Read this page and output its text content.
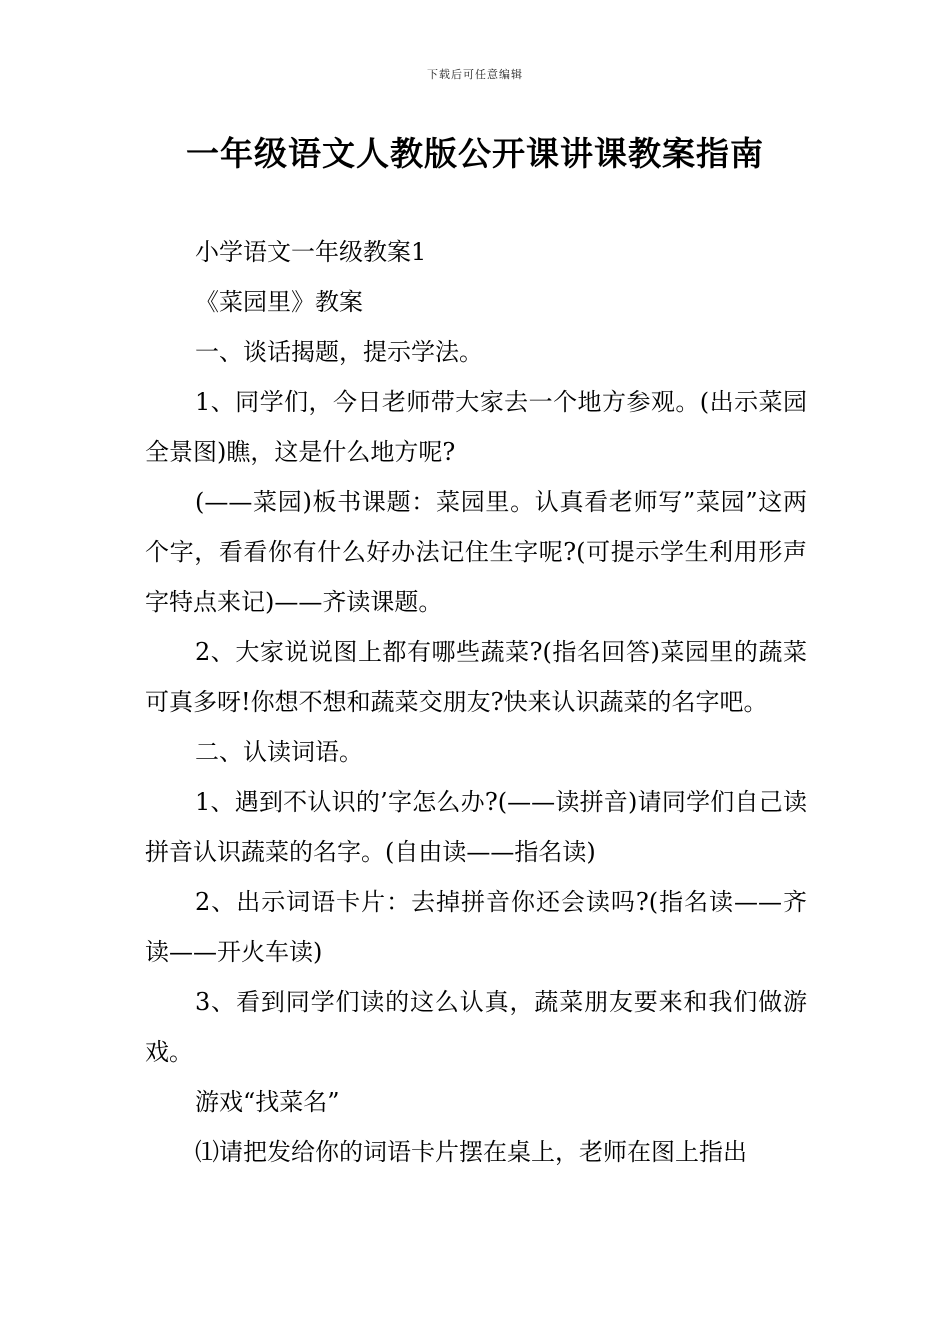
下载后可任意编辑
一年级语文人教版公开课讲课教案指南

小学语文一年级教案1

《菜园里》教案

一、谈话揭题，提示学法。

1、同学们，今日老师带大家去一个地方参观。(出示菜园全景图)瞧，这是什么地方呢?

(——菜园)板书课题：菜园里。认真看老师写”菜园”这两个字，看看你有什么好办法记住生字呢?(可提示学生利用形声字特点来记)——齐读课题。

2、大家说说图上都有哪些蔬菜?(指名回答)菜园里的蔬菜可真多呀!你想不想和蔬菜交朋友?快来认识蔬菜的名字吧。

二、认读词语。

1、遇到不认识的’字怎么办?(——读拼音)请同学们自己读拼音认识蔬菜的名字。(自由读——指名读)

2、出示词语卡片：去掉拼音你还会读吗?(指名读——齐读——开火车读)

3、看到同学们读的这么认真，蔬菜朋友要来和我们做游戏。

游戏“找菜名”

⑴请把发给你的词语卡片摆在桌上，老师在图上指出
